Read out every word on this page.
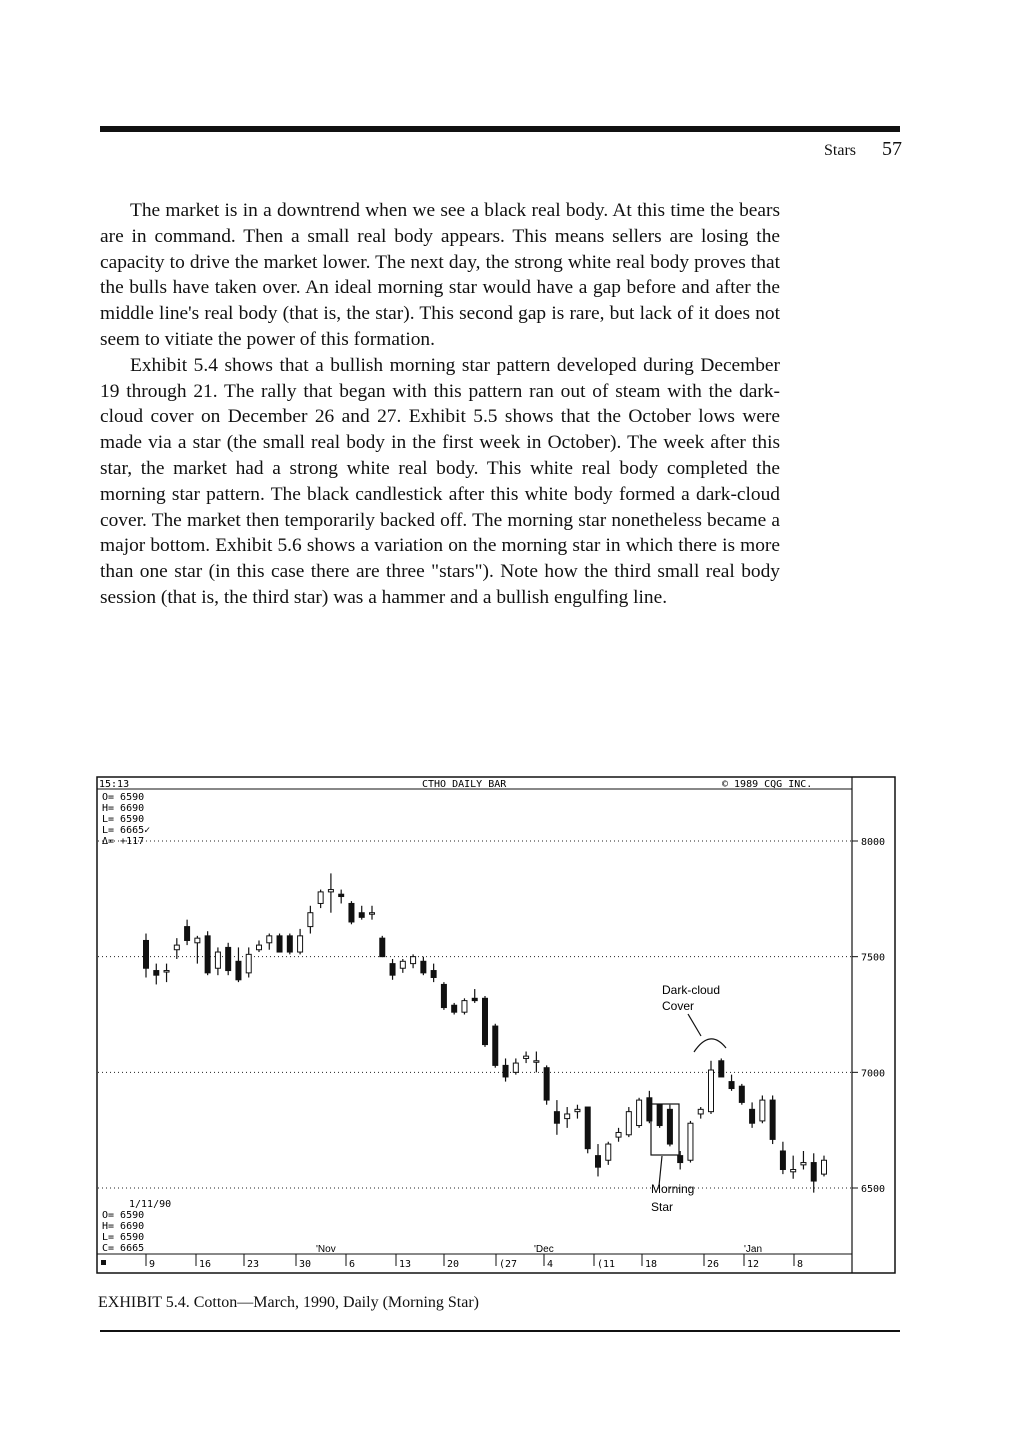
Stars 57

The market is in a downtrend when we see a black real body. At this time the bears are in command. Then a small real body appears. This means sellers are losing the capacity to drive the market lower. The next day, the strong white real body proves that the bulls have taken over. An ideal morning star would have a gap before and after the middle line's real body (that is, the star). This second gap is rare, but lack of it does not seem to vitiate the power of this formation.

Exhibit 5.4 shows that a bullish morning star pattern developed during December 19 through 21. The rally that began with this pattern ran out of steam with the dark-cloud cover on December 26 and 27. Exhibit 5.5 shows that the October lows were made via a star (the small real body in the first week in October). The week after this star, the market had a strong white real body. This white real body completed the morning star pattern. The black candlestick after this white body formed a dark-cloud cover. The market then temporarily backed off. The morning star nonetheless became a major bottom. Exhibit 5.6 shows a variation on the morning star in which there is more than one star (in this case there are three "stars"). Note how the third small real body session (that is, the third star) was a hammer and a bullish engulfing line.

15:13	CTHO DAILY BAR	© 1989 CQG INC.
O= 6590
H= 6690
L= 6590
L= 6665✓
Δ= +117
1/11/90
O= 6590
H= 6690
L= 6590
C= 6665
8000
7500
7000
6500
9	16	23	30	6	13	20	(27	4	(11	18	26	12	8
'Nov	'Dec	'Jan
Dark-cloud
Cover
Morning
Star
EXHIBIT 5.4. Cotton—March, 1990, Daily (Morning Star)
